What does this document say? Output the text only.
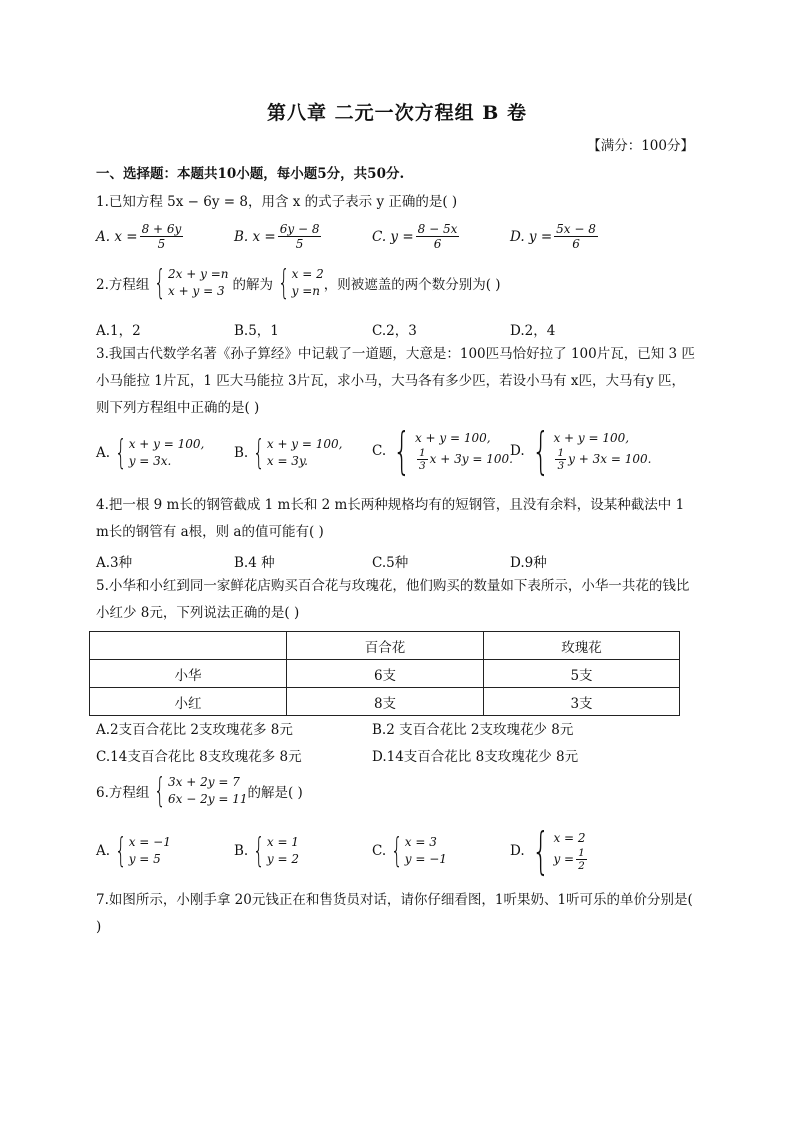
第八章 二元一次方程组 B 卷
【满分：100分】
一、选择题：本题共10小题，每小题5分，共50分.
1.已知方程 5x − 6y = 8，用含 x 的式子表示 y 正确的是( )
A. $x = \frac{8 + 6y}{5}$	B. $x = \frac{6y - 8}{5}$	C. $y = \frac{8 - 5x}{6}$	D. $y = \frac{5x - 8}{6}$
2.方程组 { 2x + y =n
x + y = 3 的解为 { x = 2
y =n ，则被遮盖的两个数分别为( )
A.1，2	B.5，1	C.2，3	D.2，4
3.我国古代数学名著《孙子算经》中记载了一道题，大意是：100匹马恰好拉了 100片瓦，已知 3 匹小马能拉 1片瓦，1 匹大马能拉 3片瓦，求小马，大马各有多少匹，若设小马有 x匹，大马有y 匹，则下列方程组中正确的是( )
A. { x + y = 100,
y = 3x.	B. { x + y = 100,
x = 3y.
C. { x + y = 100,
$\frac{1}{3}$ x + 3y = 100.
D. { x + y = 100,
$\frac{1}{3}$ y + 3x = 100.
4.把一根 9 m长的钢管截成 1 m长和 2 m长两种规格均有的短钢管，且没有余料，设某种截法中 1 m长的钢管有 a根，则 a的值可能有( )
A.3种	B.4 种	C.5种	D.9种
5.小华和小红到同一家鲜花店购买百合花与玫瑰花，他们购买的数量如下表所示，小华一共花的钱比小红少 8元，下列说法正确的是( )
	百合花	玫瑰花
小华	6支	5支
小红	8支	3支
A.2支百合花比 2支玫瑰花多 8元	B.2 支百合花比 2支玫瑰花少 8元
C.14支百合花比 8支玫瑰花多 8元	D.14支百合花比 8支玫瑰花少 8元
6.方程组 { 3x + 2y = 7
6x − 2y = 11 的解是( )
A. { x = −1
y = 5	B. { x = 1
y = 2	C. { x = 3
y = −1	D. { x = 2
$y = \frac{1}{2}$
7.如图所示，小刚手拿 20元钱正在和售货员对话，请你仔细看图，1听果奶、1听可乐的单价分别是( )
